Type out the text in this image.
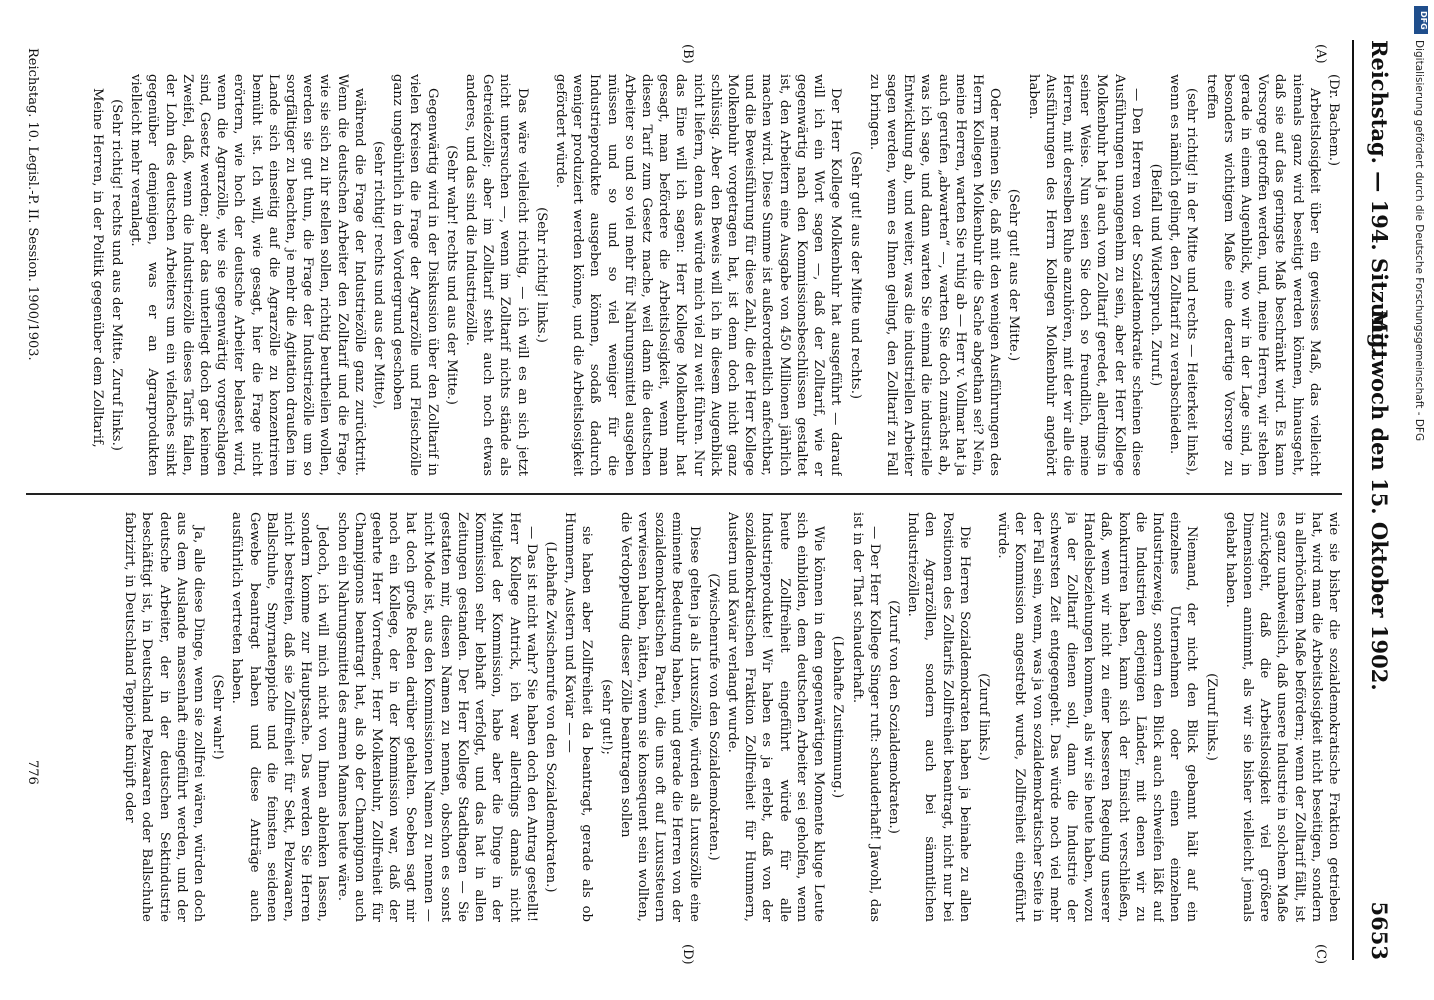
Reichstag. — 194. Sitzung.
Mittwoch den 15. Oktober 1902.
5653
(A)
(B)
(C)
(D)

(Dr. Bachem.)

Arbeitslosigkeit über ein gewisses Maß, das vielleicht niemals ganz wird beseitigt werden können, hinausgeht, daß sie auf das geringste Maß beschränkt wird. Es kann Vorsorge getroffen werden, und, meine Herren, wir stehen gerade in einem Augenblick, wo wir in der Lage sind, in besonders wichtigem Maße eine derartige Vorsorge zu treffen

(sehr richtig! in der Mitte und rechts — Heiterkeit links), wenn es nämlich gelingt, den Zolltarif zu verabschieden.

(Beifall und Widerspruch. Zuruf.)

— Den Herren von der Sozialdemokratie scheinen diese Ausführungen unangenehm zu sein, aber der Herr Kollege Molkenbuhr hat ja auch vom Zolltarif geredet, allerdings in seiner Weise. Nun seien Sie doch so freundlich, meine Herren, mit derselben Ruhe anzuhören, mit der wir alle die Ausführungen des Herrn Kollegen Molkenbuhr angehört haben.

(Sehr gut! aus der Mitte.)

Oder meinen Sie, daß mit den wenigen Ausführungen des Herrn Kollegen Molkenbuhr die Sache abgethan sei? Nein, meine Herren, warten Sie ruhig ab — Herr v. Vollmar hat ja auch gerufen „abwarten“ —, warten Sie doch zunächst ab, was ich sage, und dann warten Sie einmal die industrielle Entwicklung ab, und weiter, was die industriellen Arbeiter sagen werden, wenn es Ihnen gelingt, den Zolltarif zu Fall zu bringen.

(Sehr gut! aus der Mitte und rechts.)

Der Herr Kollege Molkenbuhr hat ausgeführt — darauf will ich ein Wort sagen —, daß der Zolltarif, wie er gegenwärtig nach den Kommissionsbeschlüssen gestaltet ist, den Arbeitern eine Ausgabe von 450 Millionen jährlich machen wird. Diese Summe ist außerordentlich anfechtbar, und die Beweisführung für diese Zahl, die der Herr Kollege Molkenbuhr vorgetragen hat, ist denn doch nicht ganz schlüssig. Aber den Beweis will ich in diesem Augenblick nicht liefern, denn das würde mich viel zu weit führen. Nur das Eine will ich sagen: Herr Kollege Molkenbuhr hat gesagt, man befördere die Arbeitslosigkeit, wenn man diesen Tarif zum Gesetz mache, weil dann die deutschen Arbeiter so und so viel mehr für Nahrungsmittel ausgeben müssen und so und so viel weniger für die Industrieprodukte ausgeben können, sodaß dadurch weniger produziert werden könne, und die Arbeitslosigkeit gefördert würde.

(Sehr richtig! links.)

Das wäre vielleicht richtig, — ich will es an sich jetzt nicht untersuchen —, wenn im Zolltarif nichts stände als Getreidezölle; aber im Zolltarif steht auch noch etwas anderes, und das sind die Industriezölle.

(Sehr wahr! rechts und aus der Mitte.)

Gegenwärtig wird in der Diskussion über den Zolltarif in vielen Kreisen die Frage der Agrarzölle und Fleischzölle ganz ungebührlich in den Vordergrund geschoben

(sehr richtig! rechts und aus der Mitte),

während die Frage der Industriezölle ganz zurücktritt. Wenn die deutschen Arbeiter den Zolltarif und die Frage, wie sie sich zu ihr stellen sollen, richtig beurtheilen wollen, werden sie gut thun, die Frage der Industriezölle um so sorgfältiger zu beachten, je mehr die Agitation draußen im Lande sich einseitig auf die Agrarzölle zu konzentriren bemüht ist. Ich will, wie gesagt, hier die Frage nicht erörtern, wie hoch der deutsche Arbeiter belastet wird, wenn die Agrarzölle, wie sie gegenwärtig vorgeschlagen sind, Gesetz werden; aber das unterliegt doch gar keinem Zweifel, daß, wenn die Industriezölle dieses Tarifs fallen, der Lohn des deutschen Arbeiters um ein vielfaches sinkt gegenüber demjenigen, was er an Agrarprodukten vielleicht mehr veranlagt.

(Sehr richtig! rechts und aus der Mitte. Zuruf links.)

Meine Herren, in der Politik gegenüber dem Zolltarif,

wie sie bisher die sozialdemokratische Fraktion getrieben hat, wird man die Arbeitslosigkeit nicht beseitigen, sondern in allerhöchstem Maße befördern; wenn der Zolltarif fällt, ist es ganz unabweislich, daß unsere Industrie in solchem Maße zurückgeht, daß die Arbeitslosigkeit viel größere Dimensionen annimmt, als wir sie bisher vielleicht jemals gehabt haben.

(Zuruf links.)

Niemand, der nicht den Blick gebannt hält auf ein einzelnes Unternehmen oder einen einzelnen Industriezweig, sondern den Blick auch schweifen läßt auf die Industrien derjenigen Länder, mit denen wir zu konkurriren haben, kann sich der Einsicht verschließen, daß, wenn wir nicht zu einer besseren Regelung unserer Handelsbeziehungen kommen, als wir sie heute haben, wozu ja der Zolltarif dienen soll, dann die Industrie der schwersten Zeit entgegengeht. Das würde noch viel mehr der Fall sein, wenn, was ja von sozialdemokratischer Seite in der Kommission angestrebt wurde, Zollfreiheit eingeführt würde.

(Zuruf links.)

Die Herren Sozialdemokraten haben ja beinahe zu allen Positionen des Zolltarifs Zollfreiheit beantragt, nicht nur bei den Agrarzöllen, sondern auch bei sämmtlichen Industriezöllen.

(Zuruf von den Sozialdemokraten.)

— Der Herr Kollege Singer ruft: schauderhaft! Jawohl, das ist in der That schauderhaft.

(Lebhafte Zustimmung.)

Wie können in dem gegenwärtigen Momente kluge Leute sich einbilden, dem deutschen Arbeiter sei geholfen, wenn heute Zollfreiheit eingeführt würde für alle Industrieprodukte! Wir haben es ja erlebt, daß von der sozialdemokratischen Fraktion Zollfreiheit für Hummern, Austern und Kaviar verlangt wurde.

(Zwischenrufe von den Sozialdemokraten.)

Diese gelten ja als Luxuszölle, würden als Luxuszölle eine eminente Bedeutung haben, und gerade die Herren von der sozialdemokratischen Partei, die uns oft auf Luxussteuern verwiesen haben, hätten, wenn sie konsequent sein wollten, die Verdoppelung dieser Zölle beantragen sollen

(sehr gut!);

sie haben aber Zollfreiheit da beantragt, gerade als ob Hummern, Austern und Kaviar — —

(Lebhafte Zwischenrufe von den Sozialdemokraten.)

— Das ist nicht wahr? Sie haben doch den Antrag gestellt! Herr Kollege Antrick, ich war allerdings damals nicht Mitglied der Kommission, habe aber die Dinge in der Kommission sehr lebhaft verfolgt, und das hat in allen Zeitungen gestanden. Der Herr Kollege Stadthagen — Sie gestatten mir, diesen Namen zu nennen, obschon es sonst nicht Mode ist, aus den Kommissionen Namen zu nennen — hat doch große Reden darüber gehalten. Soeben sagt mir noch ein Kollege, der in der Kommission war, daß der geehrte Herr Vorredner, Herr Molkenbuhr, Zollfreiheit für Champignons beantragt hat, als ob der Champignon auch schon ein Nahrungsmittel des armen Mannes heute wäre.

Jedoch, ich will mich nicht von Ihnen ablenken lassen, sondern komme zur Hauptsache. Das werden Sie Herren nicht bestreiten, daß sie Zollfreiheit für Sekt, Pelzwaaren, Ballschuhe, Smyrnateppiche und die feinsten seidenen Gewebe beantragt haben und diese Anträge auch ausführlich vertreten haben.

(Sehr wahr!)

Ja, alle diese Dinge, wenn sie zollfrei wären, würden doch aus dem Auslande massenhaft eingeführt werden, und der deutsche Arbeiter, der in der deutschen Sektindustrie beschäftigt ist, in Deutschland Pelzwaaren oder Ballschuhe fabrizirt, in Deutschland Teppiche knüpft oder

Reichstag. 10. Legisl.-P. II. Session. 1900/1903.
776
DFG
Digitalisierung gefördert durch die Deutsche Forschungsgemeinschaft - DFG
